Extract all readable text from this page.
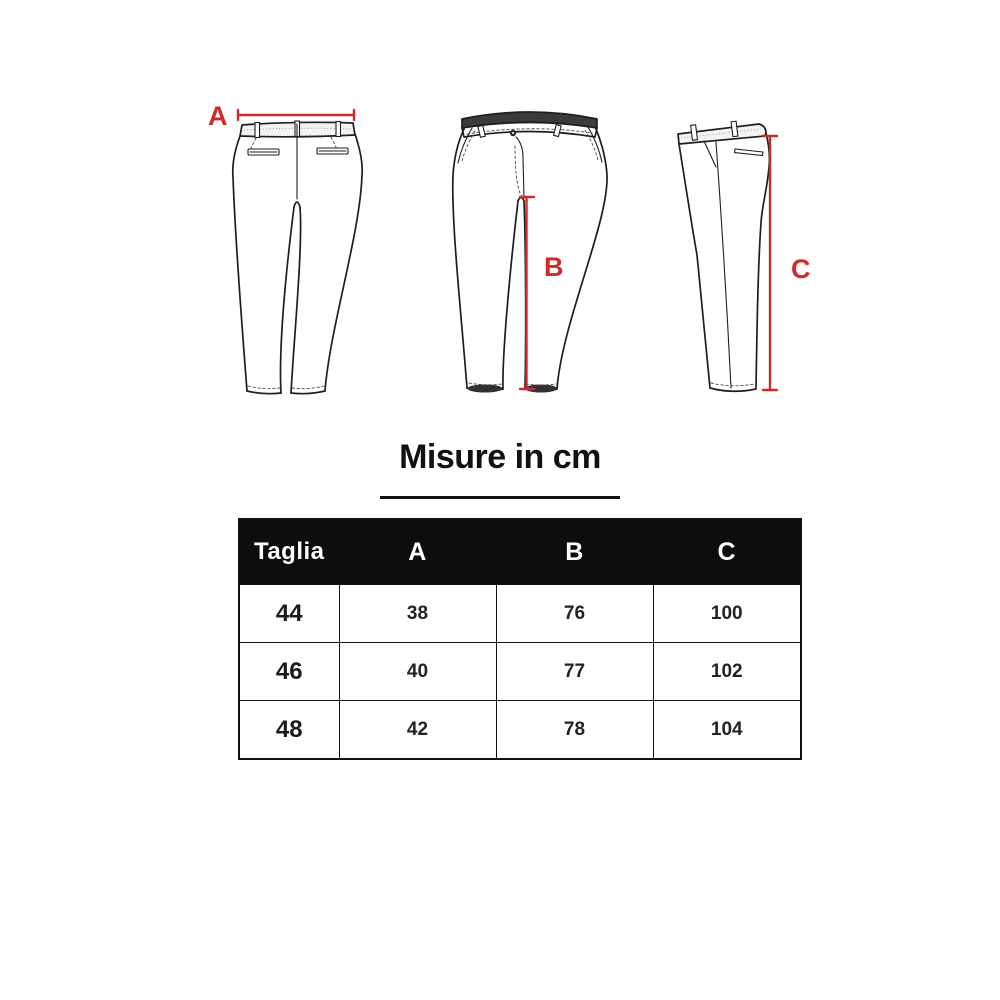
A
B	C
Misure in cm
Taglia	A	B	C
44	38	76	100
46	40	77	102
48	42	78	104
